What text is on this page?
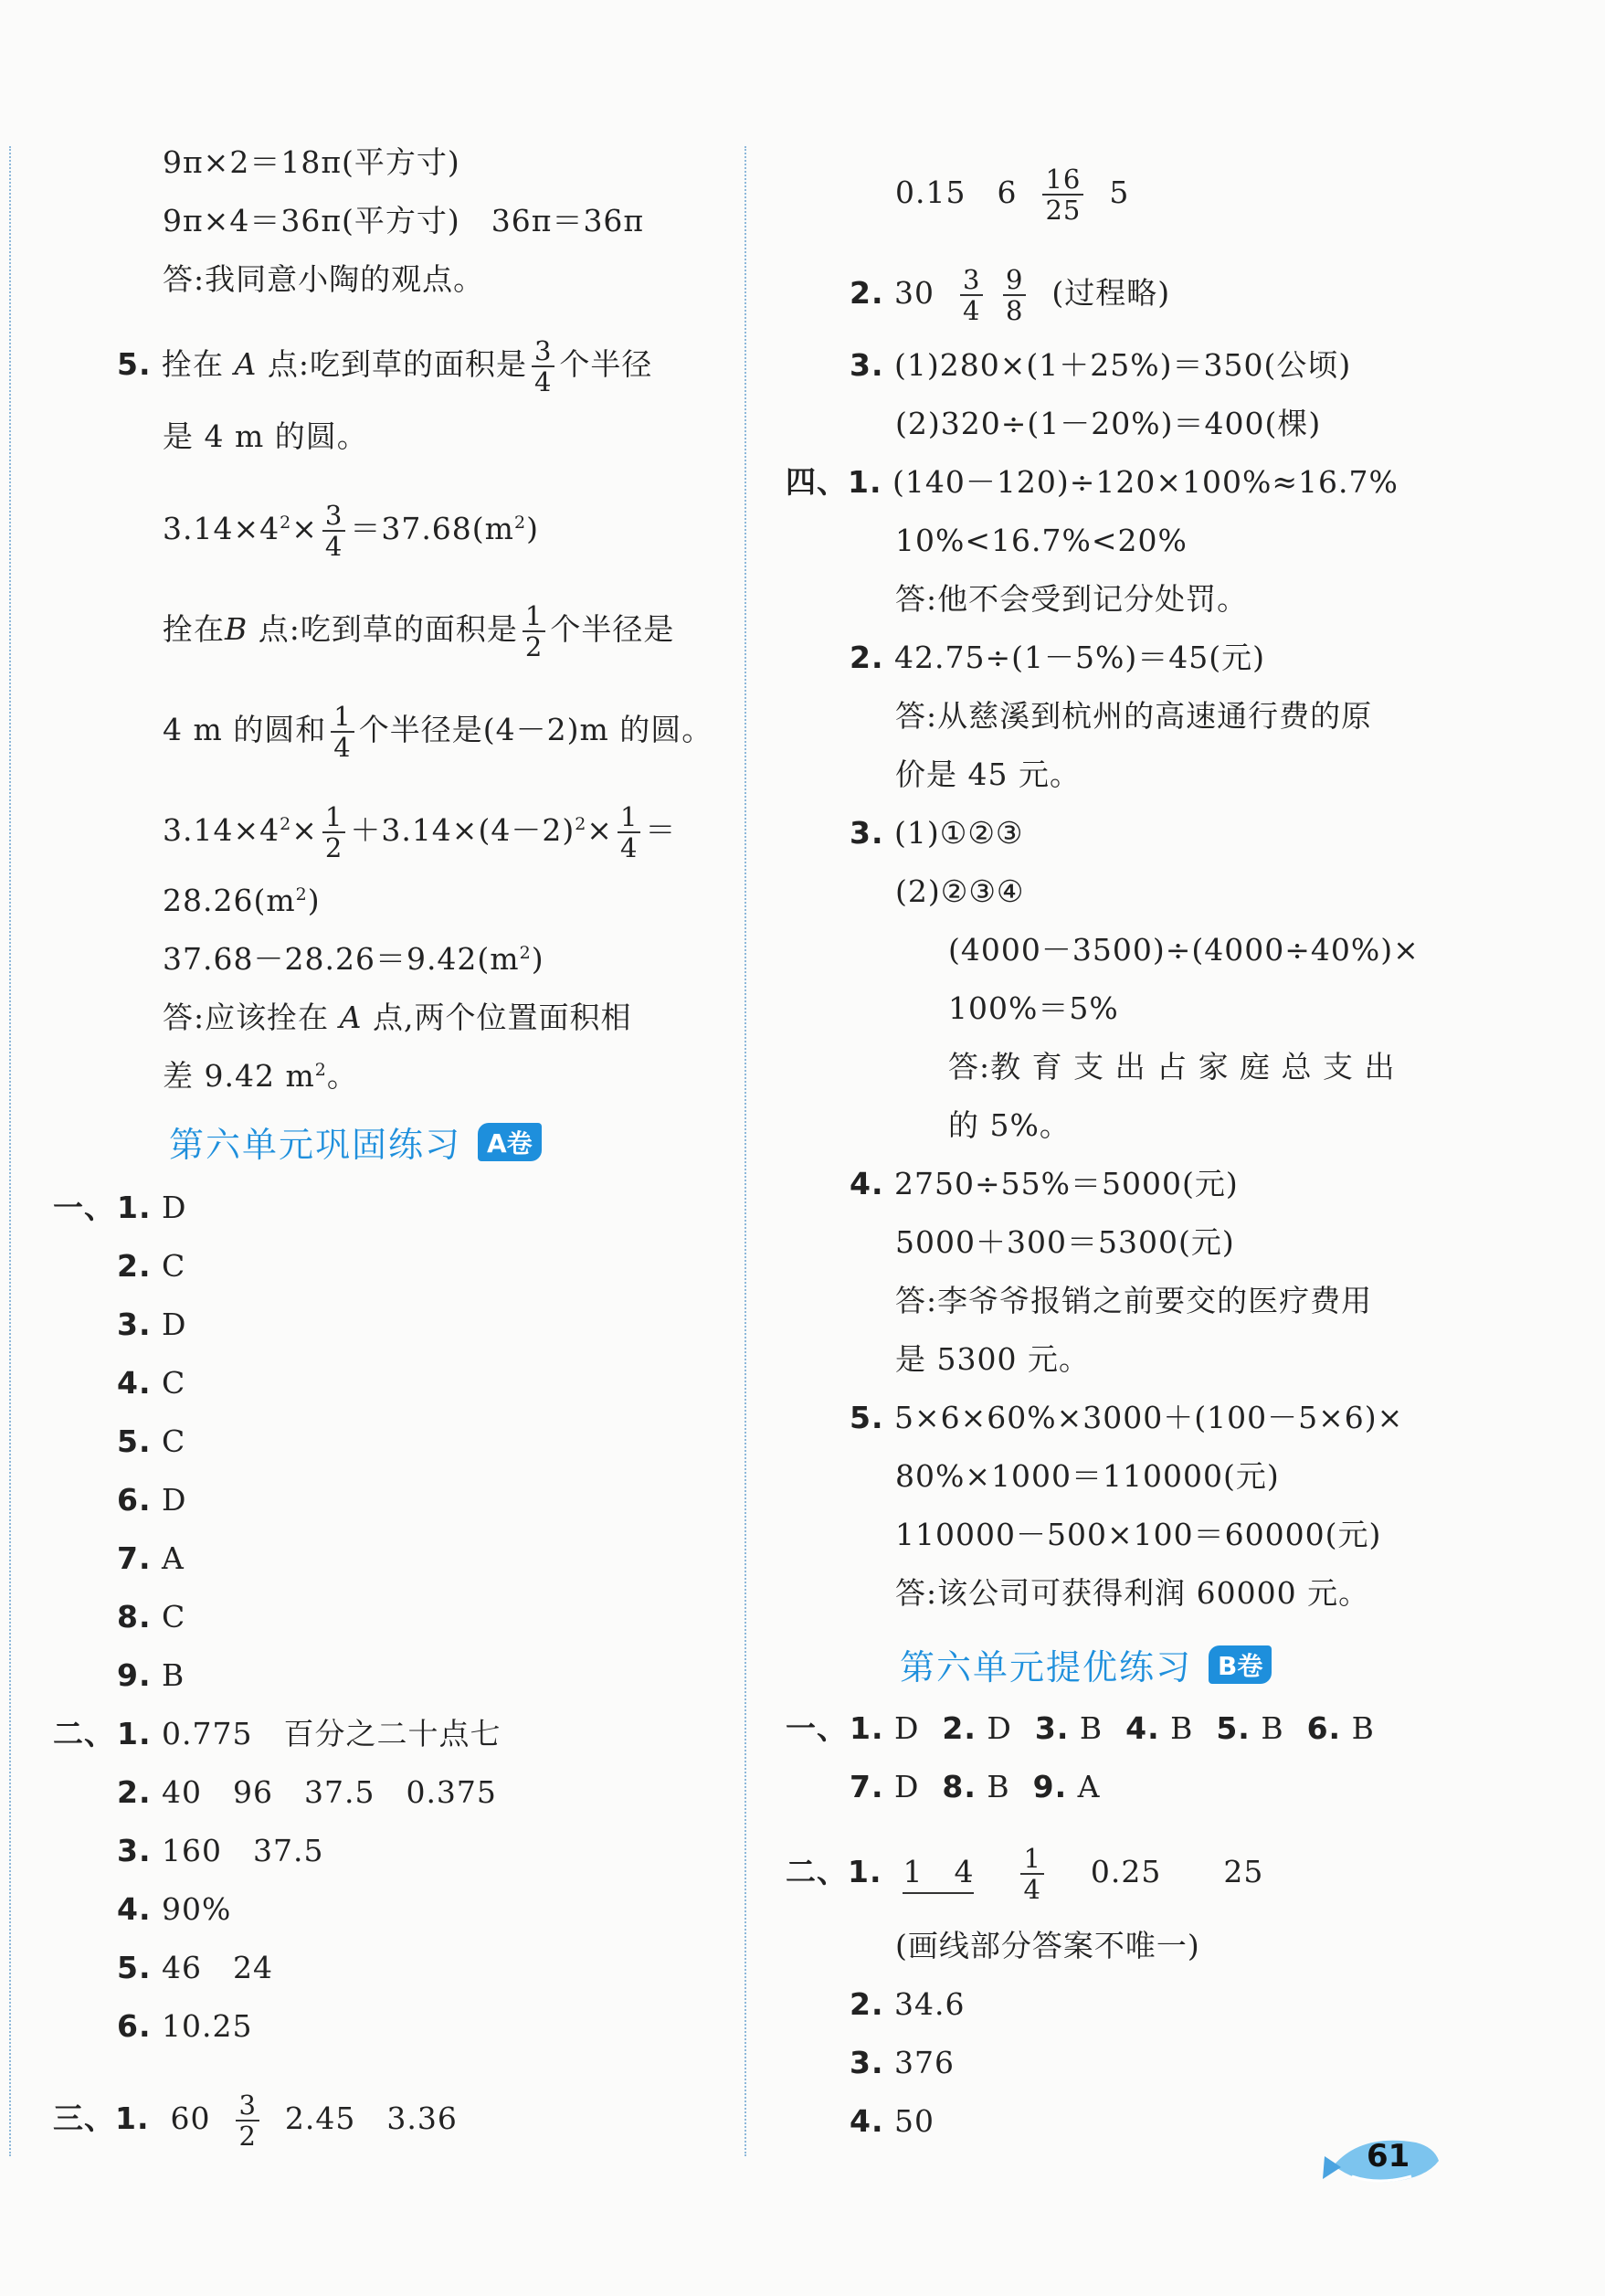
9π×2＝18π(平方寸)
9π×4＝36π(平方寸)　36π＝36π
答:我同意小陶的观点。
5. 拴在 A 点:吃到草的面积是 $\frac{3}{4}$ 个半径
是 4 m 的圆。
$3.14\times 4^2\times \frac{3}{4} =37.68(m^2)$
拴在B 点:吃到草的面积是 $\frac{1}{2}$ 个半径是
4 m 的圆和 $\frac{1}{4}$ 个半径是(4－2)m 的圆。
$3.14\times 4^2\times \frac{1}{2} +3.14\times(4-2)^2\times \frac{1}{4}$ ＝
$28.26(m^2)$
$37.68-28.26=9.42(m^2)$
答:应该拴在 A 点,两个位置面积相
差 9.42 $m^2$。
第六单元巩固练习	A卷
一、 1. D
2. C
3. D
4. C
5. C
6. D
7. A
8. C
9. B
二、 1. 0.775　百分之二十点七
2. 40　96　37.5　0.375
3. 160　37.5
4. 90%
5. 46　24
6. 10.25
三、1. $60 \frac{3}{2} 2.45$　3.36
0.15　$6 \frac{16}{25} 5$
2. $30 \frac{3}{4}$
$\frac{9}{8}$ (过程略)
3. (1)280×(1＋25%)＝350(公顷)
(2)320÷(1－20%)＝400(棵)
四、1. (140－120)÷120×100%≈16.7%
10%<16.7%<20%
答:他不会受到记分处罚。
2. 42.75÷(1－5%)＝45(元)
答:从慈溪到杭州的高速通行费的原
价是 45 元。
3. (1)①②③
(2)②③④
(4000－3500)÷(4000÷40%)×
100%＝5%
答:教 育 支 出 占 家 庭 总 支 出
的 5%。
4. 2750÷55%＝5000(元)
5000＋300＝5300(元)
答:李爷爷报销之前要交的医疗费用
是 5300 元。
5. 5×6×60%×3000＋(100－5×6)×
80%×1000＝110000(元)
110000－500×100＝60000(元)
答:该公司可获得利润 60000 元。
第六单元提优练习	B卷
一、 1. D  2. D  3. B  4. B  5. B  6. B
7. D  8. B  9. A
二、1. 1　$4 \frac{1}{4} 0.25$　　25
(画线部分答案不唯一)
2. 34.6
3. 376
4. 50
61
